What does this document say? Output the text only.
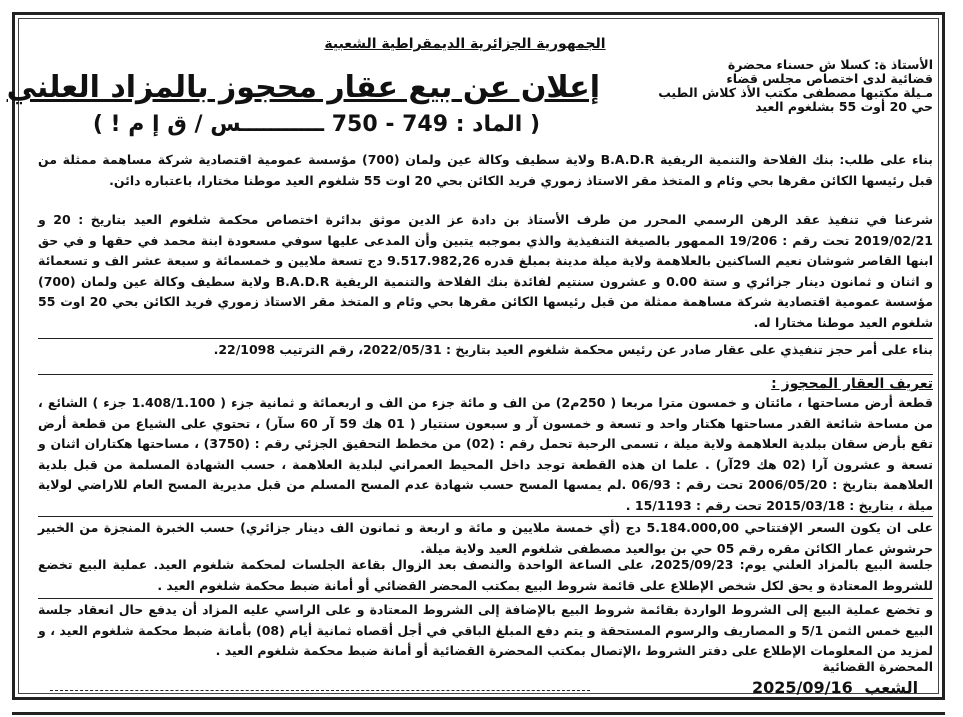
الجمهورية الجزائرية الديمقراطية الشعبية
الأستاذ ة: كسلا ش حسناء محضرة
قضائية لدى اختصاص مجلس قضاء
مـيلة مكتبها مصطفى مكتب الأذ كلاش الطيب
حي 20 أوت 55 بشلغوم العيد
إعلان عن بيع عقار محجوز بالمزاد العلني
( الماد : 749 - 750 ـــــــــــس / ق إ م ! )
بناء على طلب: بنك الفلاحة والتنمية الريفية B.A.D.R ولاية سطيف وكالة عين ولمان (700) مؤسسة عمومية اقتصادية شركة مساهمة ممثلة من قبل رئيسها الكائن مقرها بحي وئام و المتخذ مقر الاستاذ زموري فريد الكائن بحي 20 اوت 55 شلغوم العيد موطنا مختارا، باعتباره دائن.
شرعنا في تنفيذ عقد الرهن الرسمي المحرر من طرف الأستاذ بن دادة عز الدين موثق بدائرة اختصاص محكمة شلغوم العيد بتاريخ : 20 و 2019/02/21 تحت رقم : 19/206 الممهور بالصيغة التنفيذية والذي بموجبه يتبين وأن المدعى عليها سوفي مسعودة ابنة محمد في حقها و في حق ابنها القاصر شوشان نعيم الساكنين بالعلاهمة ولاية ميلة مدينة بمبلغ قدره 9.517.982,26 دج تسعة ملايين و خمسمائة و سبعة عشر الف و تسعمائة و اثنان و ثمانون دينار جزائري و ستة 0.00 و عشرون سنتيم لفائدة بنك الفلاحة والتنمية الريفية B.A.D.R ولاية سطيف وكالة عين ولمان (700) مؤسسة عمومية اقتصادية شركة مساهمة ممثلة من قبل رئيسها الكائن مقرها بحي وئام و المتخذ مقر الاستاذ زموري فريد الكائن بحي 20 اوت 55 شلغوم العيد موطنا مختارا له.
بناء على أمر حجز تنفيذي على عقار صادر عن رئيس محكمة شلغوم العيد بتاريخ : 2022/05/31، رقم الترتيب 22/1098.
تعريف العقار المحجوز :
قطعة أرض مساحتها ، مائتان و خمسون مترا مربعا ( 250م2) من الف و مائة جزء من الف و اربعمائة و ثمانية جزء ( 1.408/1.100 جزء ) الشائع ، من مساحة شائعة القدر مساحتها هكتار واحد و تسعة و خمسون آر و سبعون سنتيار ( 01 هك 59 آر 60 سآر) ، تحتوي على الشياع من قطعة أرض تقع بأرض سقان ببلدية العلاهمة ولاية ميلة ، تسمى الرحبة تحمل رقم : (02) من مخطط التحقيق الجزئي رقم : (3750) ، مساحتها هكتاران اثنان و تسعة و عشرون آرا (02 هك 29آر) . علما ان هذه القطعة توجد داخل المحيط العمراني لبلدية العلاهمة ، حسب الشهادة المسلمة من قبل بلدية العلاهمة بتاريخ : 2006/05/20 تحت رقم : 06/93 .لم يمسها المسح حسب شهادة عدم المسح المسلم من قبل مديرية المسح العام للاراضي لولاية ميلة ، بتاريخ : 2015/03/18 تحت رقم : 15/1193 .
على ان يكون السعر الإفتتاحي 5.184.000,00 دج (أي خمسة ملايين و مائة و اربعة و ثمانون الف دينار جزائري) حسب الخبرة المنجزة من الخبير حرشوش عمار الكائن مقره رقم 05 حي بن بوالعيد مصطفى شلغوم العيد ولاية ميلة.
جلسة البيع بالمزاد العلني يوم: 2025/09/23، على الساعة الواحدة والنصف بعد الزوال بقاعة الجلسات لمحكمة شلغوم العيد. عملية البيع تخضع للشروط المعتادة و يحق لكل شخص الإطلاع على قائمة شروط البيع بمكتب المحضر القضائي أو أمانة ضبط محكمة شلغوم العيد .
و تخضع عملية البيع إلى الشروط الواردة بقائمة شروط البيع بالإضافة إلى الشروط المعتادة و على الراسي عليه المزاد أن يدفع حال انعقاد جلسة البيع خمس الثمن 5/1 و المصاريف والرسوم المستحقة و يتم دفع المبلغ الباقي في أجل أقصاه ثمانية أيام (08) بأمانة ضبط محكمة شلغوم العيد ، و لمزيد من المعلومات الإطلاع على دفتر الشروط ،الإتصال بمكتب المحضرة القضائية أو أمانة ضبط محكمة شلغوم العيد .
المحضرة القضائية
الشعب 2025/09/16
